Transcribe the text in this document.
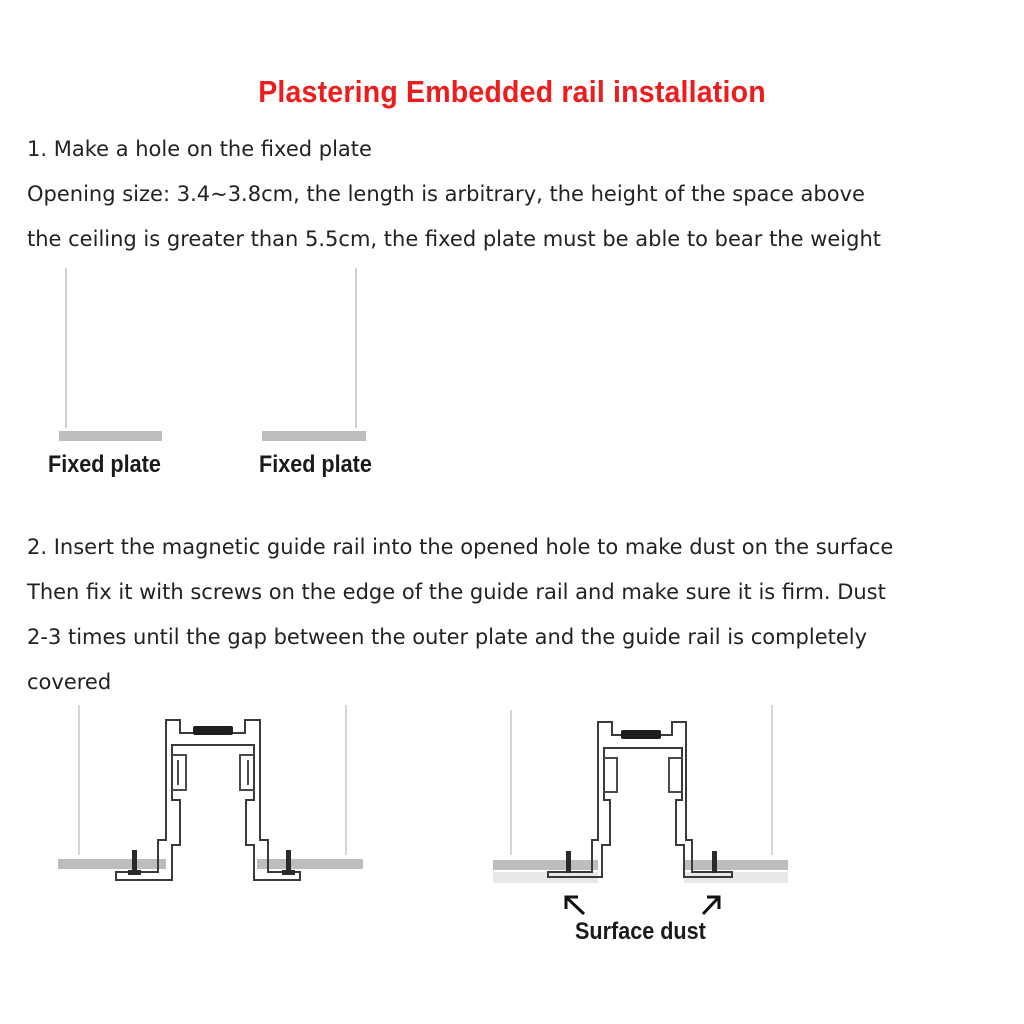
Plastering Embedded rail installation
1. Make a hole on the fixed plate
Opening size: 3.4~3.8cm, the length is arbitrary, the height of the space above
the ceiling is greater than 5.5cm, the fixed plate must be able to bear the weight
Fixed plate	Fixed plate
2. Insert the magnetic guide rail into the opened hole to make dust on the surface
Then fix it with screws on the edge of the guide rail and make sure it is firm. Dust
2-3 times until the gap between the outer plate and the guide rail is completely
covered
Surface dust
